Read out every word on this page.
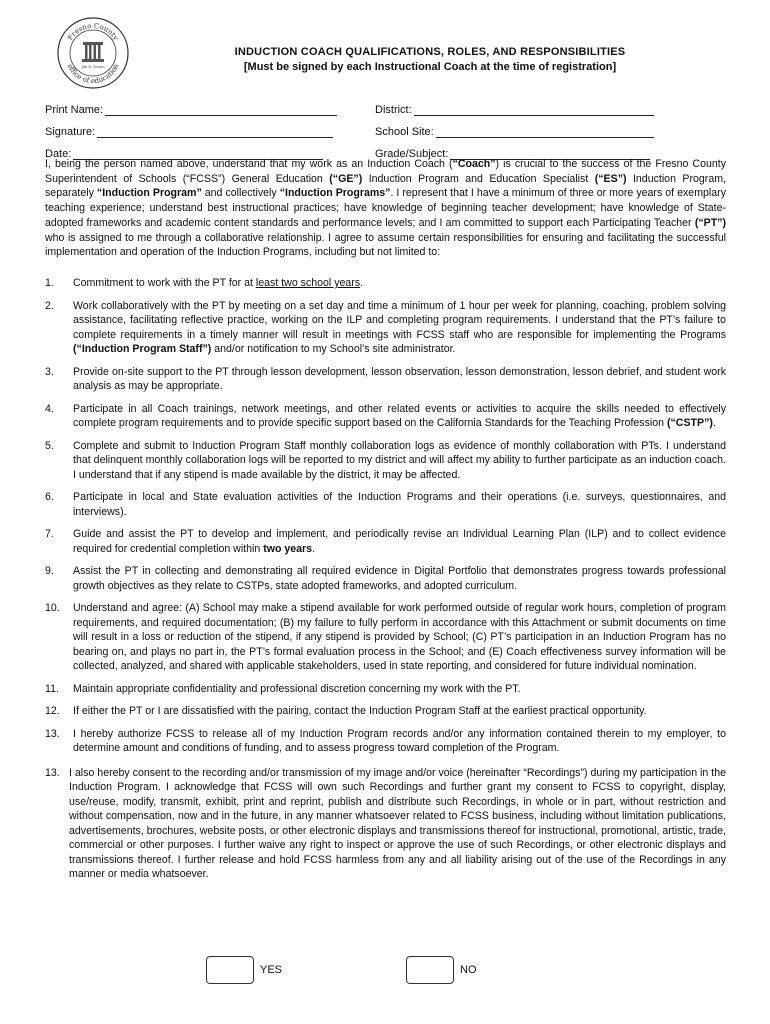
Fresno County
office of education
Jim A. Yovino
INDUCTION COACH QUALIFICATIONS, ROLES, AND RESPONSIBILITIES
[Must be signed by each Instructional Coach at the time of registration]
Print Name:	District:
Signature:	School Site:
Date:	Grade/Subject:
I, being the person named above, understand that my work as an Induction Coach (“Coach”) is crucial to the success of the Fresno County Superintendent of Schools (“FCSS”) General Education (“GE”) Induction Program and Education Specialist (“ES”) Induction Program, separately “Induction Program” and collectively “Induction Programs”. I represent that I have a minimum of three or more years of exemplary teaching experience; understand best instructional practices; have knowledge of beginning teacher development; have knowledge of State-adopted frameworks and academic content standards and performance levels; and I am committed to support each Participating Teacher (“PT”) who is assigned to me through a collaborative relationship. I agree to assume certain responsibilities for ensuring and facilitating the successful implementation and operation of the Induction Programs, including but not limited to:
1.	Commitment to work with the PT for at least two school years.
2.	Work collaboratively with the PT by meeting on a set day and time a minimum of 1 hour per week for planning, coaching, problem solving assistance, facilitating reflective practice, working on the ILP and completing program requirements. I understand that the PT’s failure to complete requirements in a timely manner will result in meetings with FCSS staff who are responsible for implementing the Programs (“Induction Program Staff”) and/or notification to my School’s site administrator.
3.	Provide on-site support to the PT through lesson development, lesson observation, lesson demonstration, lesson debrief, and student work analysis as may be appropriate.
4.	Participate in all Coach trainings, network meetings, and other related events or activities to acquire the skills needed to effectively complete program requirements and to provide specific support based on the California Standards for the Teaching Profession (“CSTP”).
5.	Complete and submit to Induction Program Staff monthly collaboration logs as evidence of monthly collaboration with PTs. I understand that delinquent monthly collaboration logs will be reported to my district and will affect my ability to further participate as an induction coach. I understand that if any stipend is made available by the district, it may be affected.
6.	Participate in local and State evaluation activities of the Induction Programs and their operations (i.e. surveys, questionnaires, and interviews).
7.	Guide and assist the PT to develop and implement, and periodically revise an Individual Learning Plan (ILP) and to collect evidence required for credential completion within two years.
9.	Assist the PT in collecting and demonstrating all required evidence in Digital Portfolio that demonstrates progress towards professional growth objectives as they relate to CSTPs, state adopted frameworks, and adopted curriculum.
10.	Understand and agree: (A) School may make a stipend available for work performed outside of regular work hours, completion of program requirements, and required documentation; (B) my failure to fully perform in accordance with this Attachment or submit documents on time will result in a loss or reduction of the stipend, if any stipend is provided by School; (C) PT’s participation in an Induction Program has no bearing on, and plays no part in, the PT’s formal evaluation process in the School; and (E) Coach effectiveness survey information will be collected, analyzed, and shared with applicable stakeholders, used in state reporting, and considered for future individual nomination.
11.	Maintain appropriate confidentiality and professional discretion concerning my work with the PT.
12.	If either the PT or I are dissatisfied with the pairing, contact the Induction Program Staff at the earliest practical opportunity.
13.	I hereby authorize FCSS to release all of my Induction Program records and/or any information contained therein to my employer, to determine amount and conditions of funding, and to assess progress toward completion of the Program.
13. I also hereby consent to the recording and/or transmission of my image and/or voice (hereinafter “Recordings”) during my participation in the Induction Program. I acknowledge that FCSS will own such Recordings and further grant my consent to FCSS to copyright, display, use/reuse, modify, transmit, exhibit, print and reprint, publish and distribute such Recordings, in whole or in part, without restriction and without compensation, now and in the future, in any manner whatsoever related to FCSS business, including without limitation publications, advertisements, brochures, website posts, or other electronic displays and transmissions thereof for instructional, promotional, artistic, trade, commercial or other purposes. I further waive any right to inspect or approve the use of such Recordings, or other electronic displays and transmissions thereof. I further release and hold FCSS harmless from any and all liability arising out of the use of the Recordings in any manner or media whatsoever.
YES	NO
